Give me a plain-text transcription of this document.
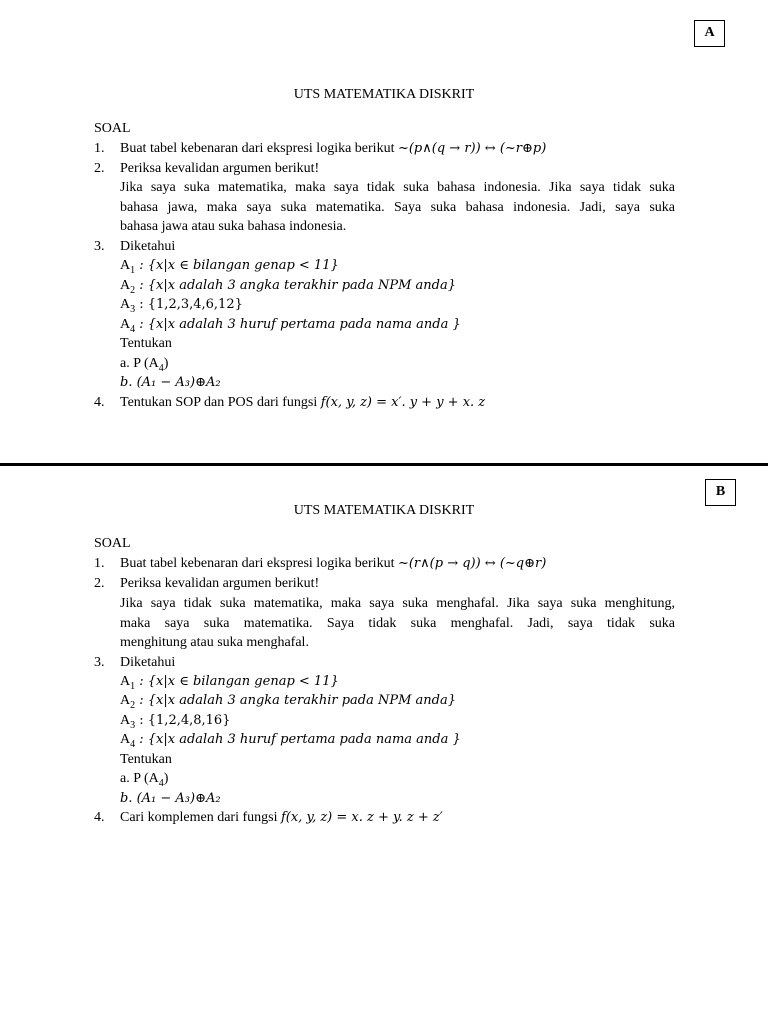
A
UTS MATEMATIKA DISKRIT
SOAL
1.	Buat tabel kebenaran dari ekspresi logika berikut ~(p∧(q → r)) ↔ (~r⊕p)
2.	Periksa kevalidan argumen berikut!
Jika saya suka matematika, maka saya tidak suka bahasa indonesia. Jika saya tidak suka
bahasa jawa, maka saya suka matematika. Saya suka bahasa indonesia. Jadi, saya suka
bahasa jawa atau suka bahasa indonesia.
3.	Diketahui
$A_1$ : {x|x ∈ bilangan genap < 11}
$A_2$ : {x|x adalah 3 angka terakhir pada NPM anda}
$A_3$ : {1,2,3,4,6,12}
$A_4$ : {x|x adalah 3 huruf pertama pada nama anda }
Tentukan
a. P $(A_4)$
b. (A₁ − A₃)⊕A₂
4.	Tentukan SOP dan POS dari fungsi f(x, y, z) = x′. y + y + x. z
B
UTS MATEMATIKA DISKRIT
SOAL
1.	Buat tabel kebenaran dari ekspresi logika berikut ~(r∧(p → q)) ↔ (~q⊕r)
2.	Periksa kevalidan argumen berikut!
Jika saya tidak suka matematika, maka saya suka menghafal. Jika saya suka menghitung,
maka saya suka matematika. Saya tidak suka menghafal. Jadi, saya tidak suka
menghitung atau suka menghafal.
3.	Diketahui
$A_1$ : {x|x ∈ bilangan genap < 11}
$A_2$ : {x|x adalah 3 angka terakhir pada NPM anda}
$A_3$ : {1,2,4,8,16}
$A_4$ : {x|x adalah 3 huruf pertama pada nama anda }
Tentukan
a. P $(A_4)$
b. (A₁ − A₃)⊕A₂
4.	Cari komplemen dari fungsi f(x, y, z) = x. z + y. z + z′
